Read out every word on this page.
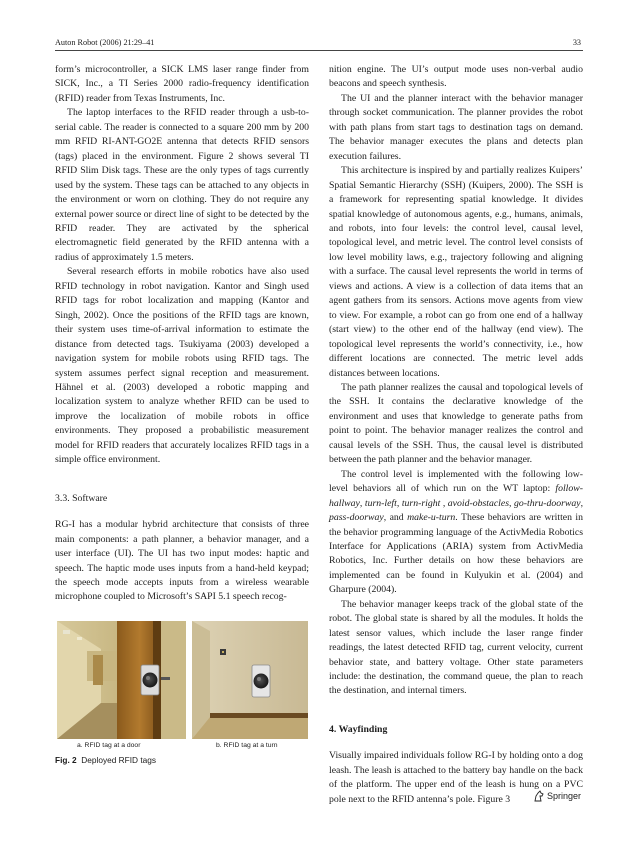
Auton Robot (2006) 21:29–41	33

form’s microcontroller, a SICK LMS laser range finder from SICK, Inc., a TI Series 2000 radio-frequency identification (RFID) reader from Texas Instruments, Inc.

The laptop interfaces to the RFID reader through a usb-to-serial cable. The reader is connected to a square 200 mm by 200 mm RFID RI-ANT-GO2E antenna that detects RFID sensors (tags) placed in the environment. Figure 2 shows several TI RFID Slim Disk tags. These are the only types of tags currently used by the system. These tags can be attached to any objects in the environment or worn on clothing. They do not require any external power source or direct line of sight to be detected by the RFID reader. They are activated by the spherical electromagnetic field generated by the RFID antenna with a radius of approximately 1.5 meters.

Several research efforts in mobile robotics have also used RFID technology in robot navigation. Kantor and Singh used RFID tags for robot localization and mapping (Kantor and Singh, 2002). Once the positions of the RFID tags are known, their system uses time-of-arrival information to estimate the distance from detected tags. Tsukiyama (2003) developed a navigation system for mobile robots using RFID tags. The system assumes perfect signal reception and measurement. Hähnel et al. (2003) developed a robotic mapping and localization system to analyze whether RFID can be used to improve the localization of mobile robots in office environments. They proposed a probabilistic measurement model for RFID readers that accurately localizes RFID tags in a simple office environment.

3.3. Software

RG-I has a modular hybrid architecture that consists of three main components: a path planner, a behavior manager, and a user interface (UI). The UI has two input modes: haptic and speech. The haptic mode uses inputs from a hand-held keypad; the speech mode accepts inputs from a wireless wearable microphone coupled to Microsoft’s SAPI 5.1 speech recog-

a. RFID tag at a door	b. RFID tag at a turn
Fig. 2 Deployed RFID tags

nition engine. The UI’s output mode uses non-verbal audio beacons and speech synthesis.

The UI and the planner interact with the behavior manager through socket communication. The planner provides the robot with path plans from start tags to destination tags on demand. The behavior manager executes the plans and detects plan execution failures.

This architecture is inspired by and partially realizes Kuipers’ Spatial Semantic Hierarchy (SSH) (Kuipers, 2000). The SSH is a framework for representing spatial knowledge. It divides spatial knowledge of autonomous agents, e.g., humans, animals, and robots, into four levels: the control level, causal level, topological level, and metric level. The control level consists of low level mobility laws, e.g., trajectory following and aligning with a surface. The causal level represents the world in terms of views and actions. A view is a collection of data items that an agent gathers from its sensors. Actions move agents from view to view. For example, a robot can go from one end of a hallway (start view) to the other end of the hallway (end view). The topological level represents the world’s connectivity, i.e., how different locations are connected. The metric level adds distances between locations.

The path planner realizes the causal and topological levels of the SSH. It contains the declarative knowledge of the environment and uses that knowledge to generate paths from point to point. The behavior manager realizes the control and causal levels of the SSH. Thus, the causal level is distributed between the path planner and the behavior manager.

The control level is implemented with the following low-level behaviors all of which run on the WT laptop: follow-hallway, turn-left, turn-right , avoid-obstacles, go-thru-doorway, pass-doorway, and make-u-turn. These behaviors are written in the behavior programming language of the ActivMedia Robotics Interface for Applications (ARIA) system from ActivMedia Robotics, Inc. Further details on how these behaviors are implemented can be found in Kulyukin et al. (2004) and Gharpure (2004).

The behavior manager keeps track of the global state of the robot. The global state is shared by all the modules. It holds the latest sensor values, which include the laser range finder readings, the latest detected RFID tag, current velocity, current behavior state, and battery voltage. Other state parameters include: the destination, the command queue, the plan to reach the destination, and internal timers.

4. Wayfinding

Visually impaired individuals follow RG-I by holding onto a dog leash. The leash is attached to the battery bay handle on the back of the platform. The upper end of the leash is hung on a PVC pole next to the RFID antenna’s pole. Figure 3	Springer
